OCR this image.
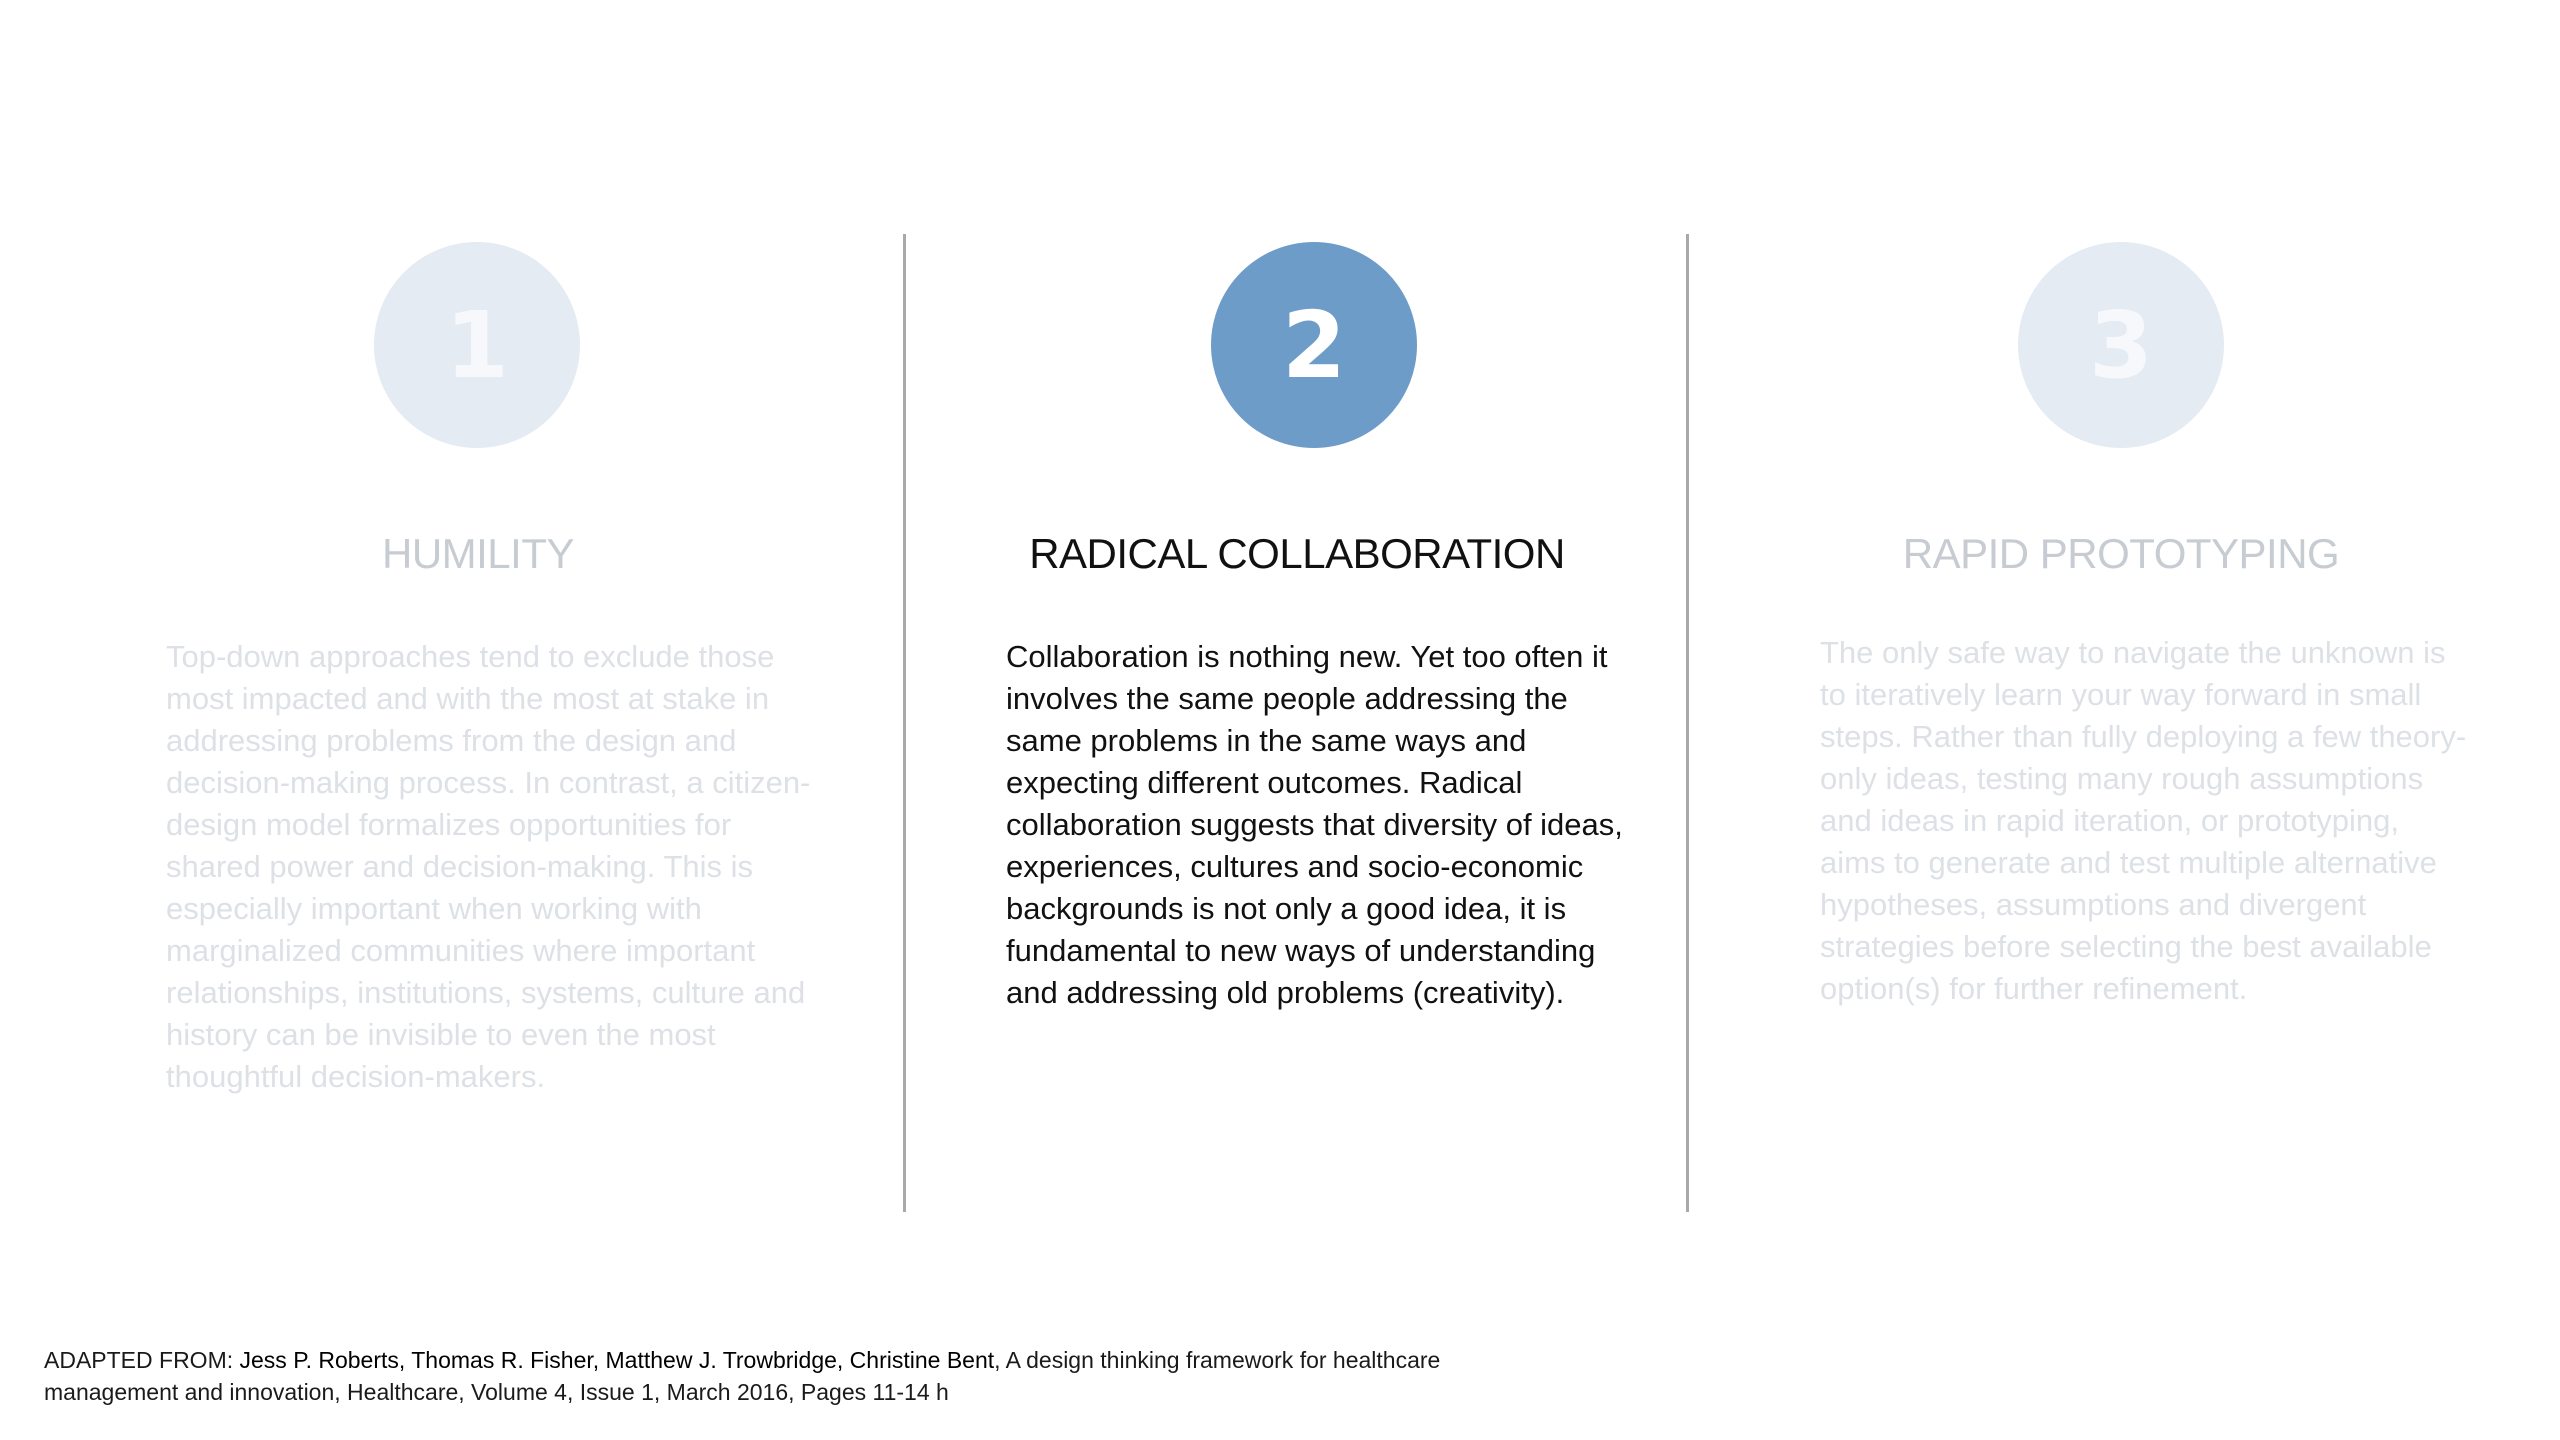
1
HUMILITY

Top-down approaches tend to exclude those most impacted and with the most at stake in addressing problems from the design and decision-making process. In contrast, a citizen-design model formalizes opportunities for shared power and decision-making. This is especially important when working with marginalized communities where important relationships, institutions, systems, culture and history can be invisible to even the most thoughtful decision-makers.

2
RADICAL COLLABORATION

Collaboration is nothing new. Yet too often it involves the same people addressing the same problems in the same ways and expecting different outcomes. Radical collaboration suggests that diversity of ideas, experiences, cultures and socio-economic backgrounds is not only a good idea, it is fundamental to new ways of understanding and addressing old problems (creativity).

3
RAPID PROTOTYPING

The only safe way to navigate the unknown is to iteratively learn your way forward in small steps. Rather than fully deploying a few theory-only ideas, testing many rough assumptions and ideas in rapid iteration, or prototyping, aims to generate and test multiple alternative hypotheses, assumptions and divergent strategies before selecting the best available option(s) for further refinement.

ADAPTED FROM: Jess P. Roberts, Thomas R. Fisher, Matthew J. Trowbridge, Christine Bent, A design thinking framework for healthcare management and innovation, Healthcare, Volume 4, Issue 1, March 2016, Pages 11-14 h
